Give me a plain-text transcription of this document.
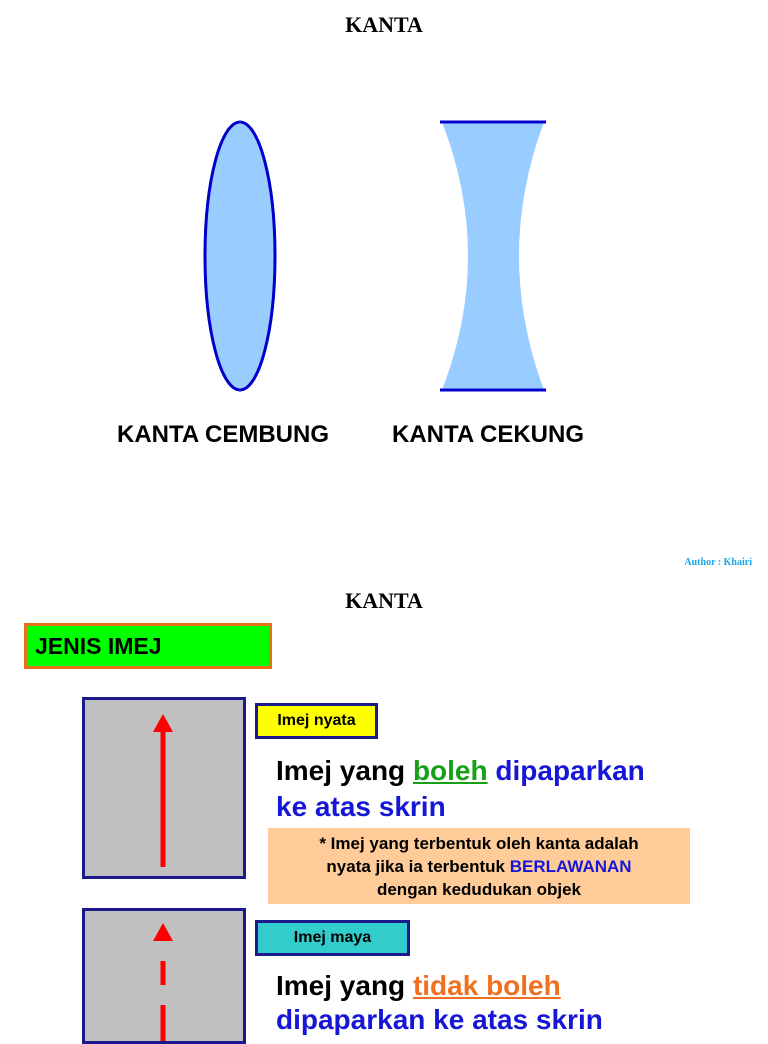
KANTA
KANTA CEMBUNG	KANTA CEKUNG
Author : Khairi
KANTA
JENIS IMEJ
Imej nyata
Imej yang boleh dipaparkan
ke atas skrin
* Imej yang terbentuk oleh kanta adalah
nyata jika ia terbentuk BERLAWANAN
dengan kedudukan objek
Imej maya
Imej yang tidak boleh
dipaparkan ke atas skrin
